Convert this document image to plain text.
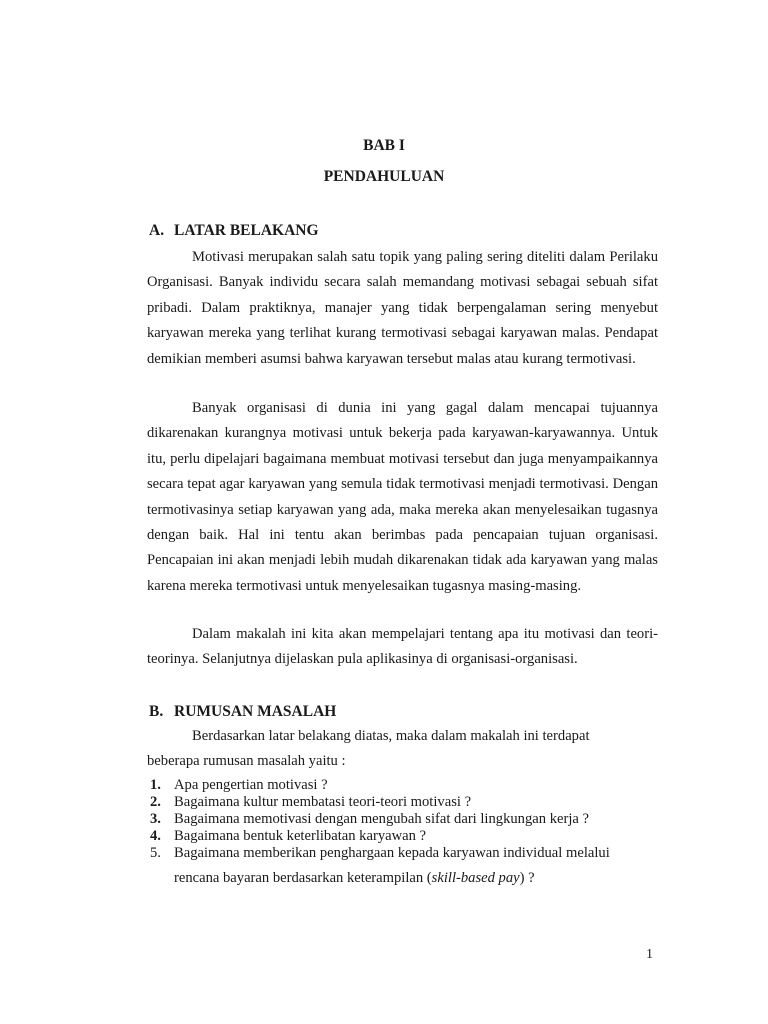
BAB I
PENDAHULUAN
A. LATAR BELAKANG

Motivasi merupakan salah satu topik yang paling sering diteliti dalam Perilaku Organisasi. Banyak individu secara salah memandang motivasi sebagai sebuah sifat pribadi. Dalam praktiknya, manajer yang tidak berpengalaman sering menyebut karyawan mereka yang terlihat kurang termotivasi sebagai karyawan malas. Pendapat demikian memberi asumsi bahwa karyawan tersebut malas atau kurang termotivasi.

Banyak organisasi di dunia ini yang gagal dalam mencapai tujuannya dikarenakan kurangnya motivasi untuk bekerja pada karyawan-karyawannya. Untuk itu, perlu dipelajari bagaimana membuat motivasi tersebut dan juga menyampaikannya secara tepat agar karyawan yang semula tidak termotivasi menjadi termotivasi. Dengan termotivasinya setiap karyawan yang ada, maka mereka akan menyelesaikan tugasnya dengan baik. Hal ini tentu akan berimbas pada pencapaian tujuan organisasi. Pencapaian ini akan menjadi lebih mudah dikarenakan tidak ada karyawan yang malas karena mereka termotivasi untuk menyelesaikan tugasnya masing-masing.

Dalam makalah ini kita akan mempelajari tentang apa itu motivasi dan teori-teorinya. Selanjutnya dijelaskan pula aplikasinya di organisasi-organisasi.

B. RUMUSAN MASALAH

Berdasarkan latar belakang diatas, maka dalam makalah ini terdapat beberapa rumusan masalah yaitu :

1. Apa pengertian motivasi ?
2. Bagaimana kultur membatasi teori-teori motivasi ?
3. Bagaimana memotivasi dengan mengubah sifat dari lingkungan kerja ?
4. Bagaimana bentuk keterlibatan karyawan ?
5. Bagaimana memberikan penghargaan kepada karyawan individual melalui
rencana bayaran berdasarkan keterampilan (skill-based pay) ?
1
